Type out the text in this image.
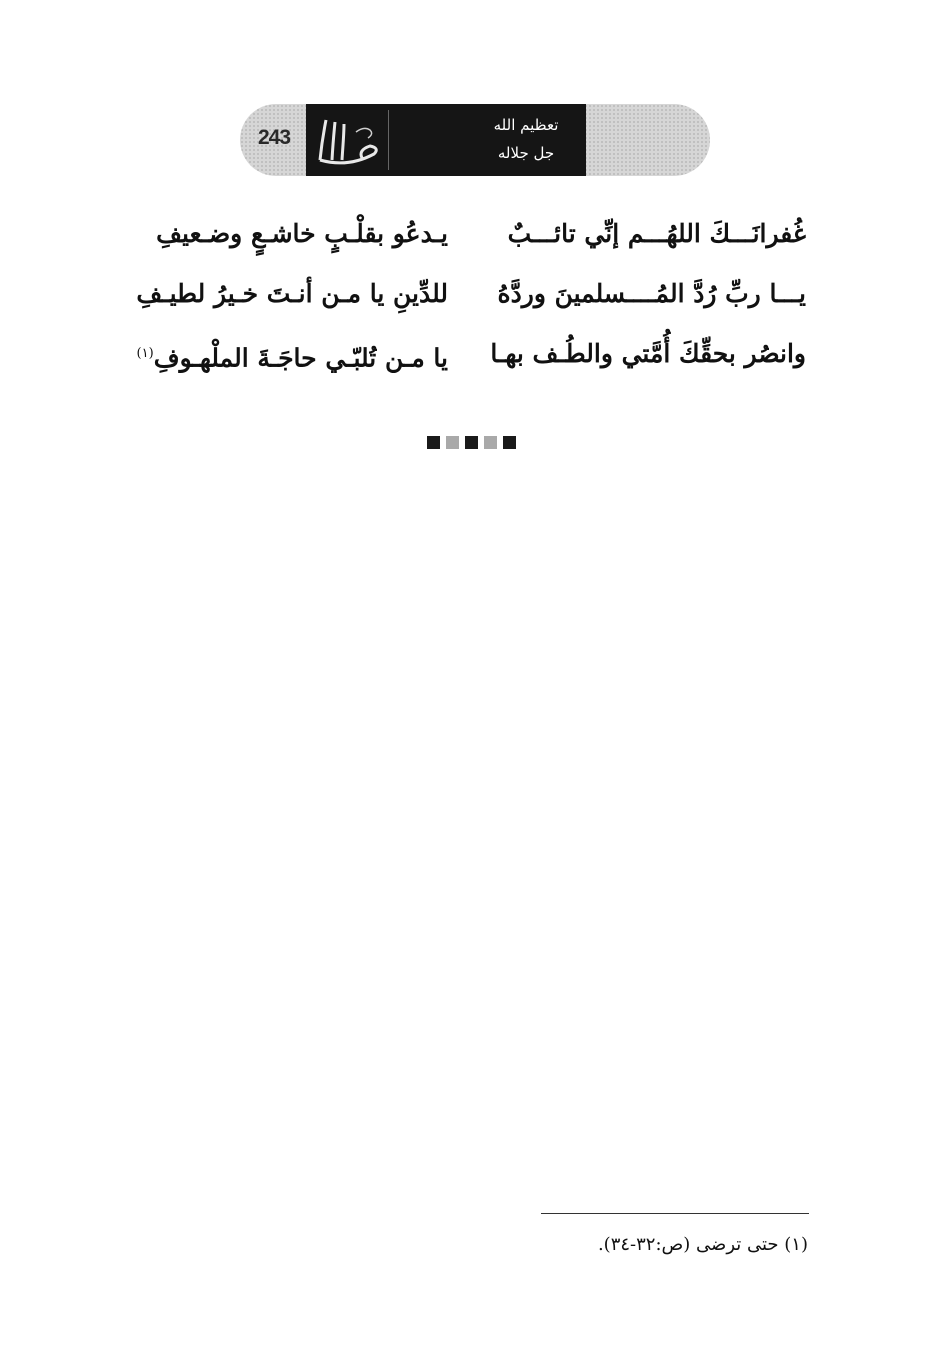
تعظيم الله
جل جلاله
243
غُفرانَـــكَ اللهُـــم إنِّي تائـــبٌ
يـدعُو بقلْـبٍ خاشـعٍ وضـعيفِ
يـــا ربِّ رُدَّ المُــــسلمينَ وردَّهُ
للدِّينِ يا مـن أنـتَ خـيرُ لطيـفِ
وانصُر بحقِّكَ أُمَّتي والطُـف بهـا
يا مـن تُلبّـي حاجَـةَ الملْهـوفِ$^{(١)}$
(١) حتى ترضى (ص:٣٢-٣٤).
